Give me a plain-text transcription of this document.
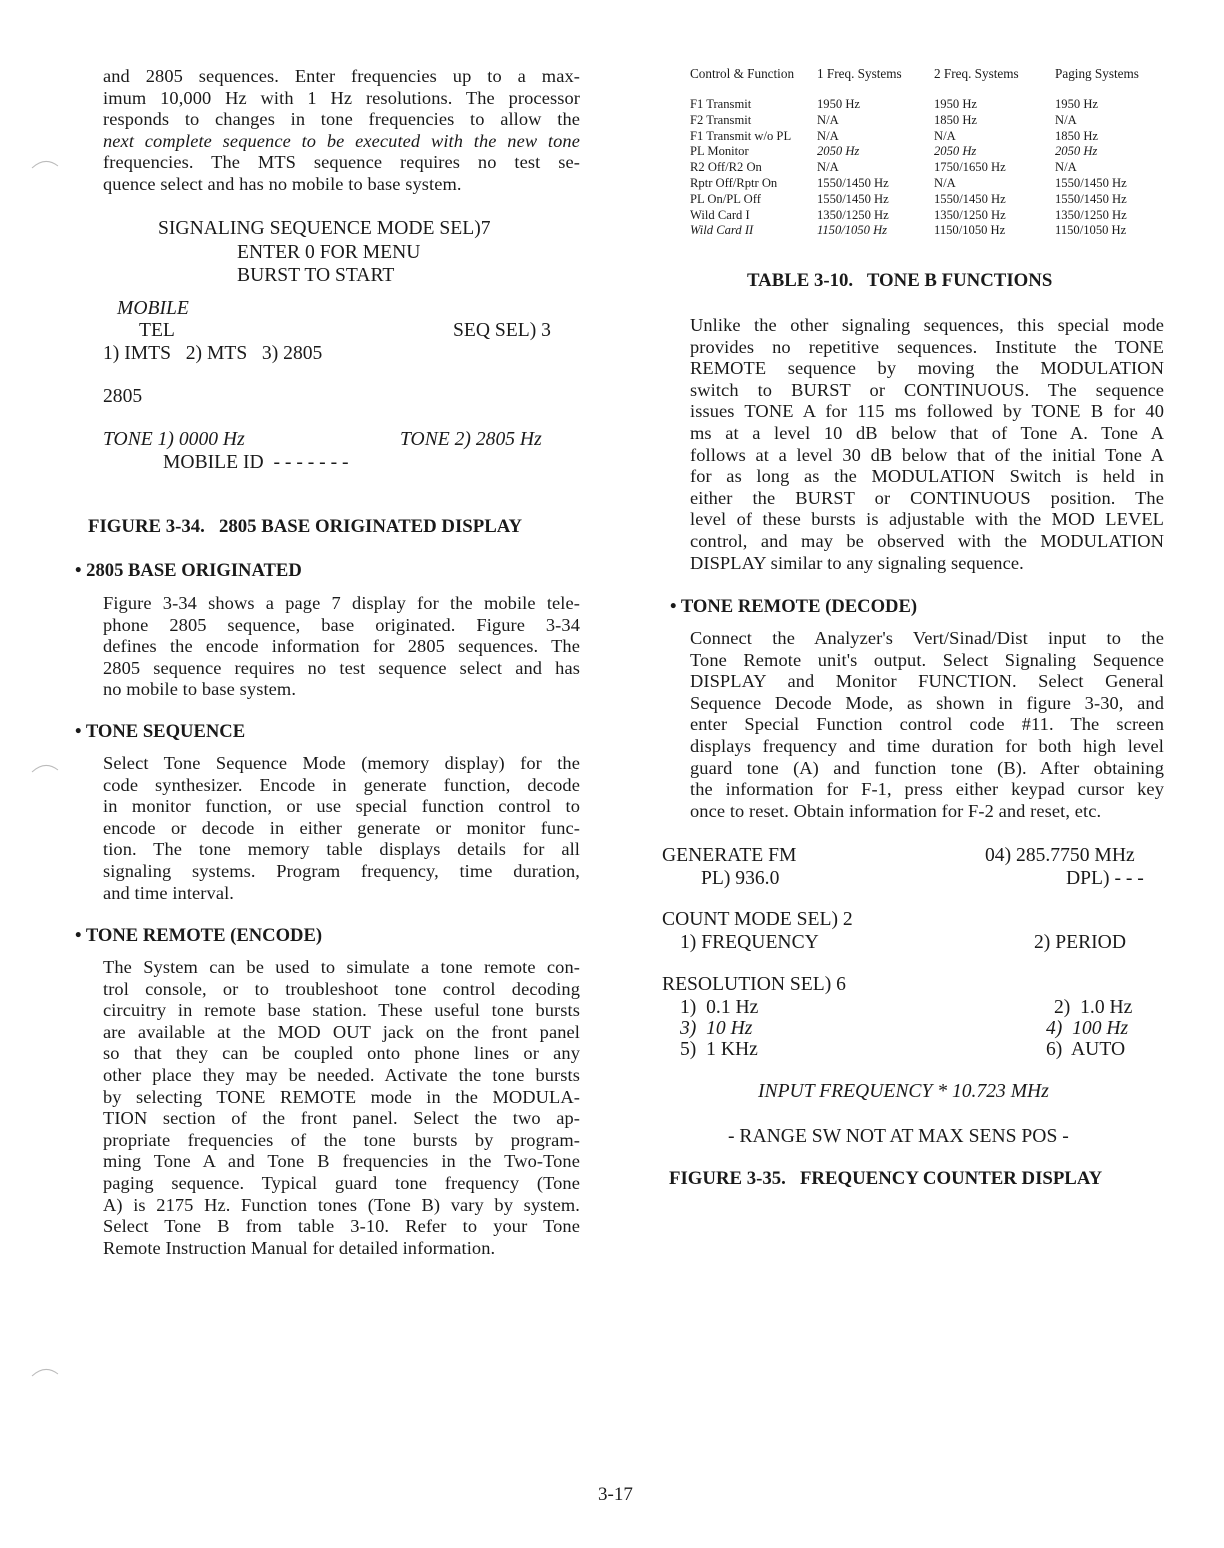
and 2805 sequences. Enter frequencies up to a max-
imum 10,000 Hz with 1 Hz resolutions. The processor
responds to changes in tone frequencies to allow the
next complete sequence to be executed with the new tone
frequencies. The MTS sequence requires no test se-
quence select and has no mobile to base system.
SIGNALING SEQUENCE MODE SEL)7
ENTER 0 FOR MENU
BURST TO START
MOBILE
TEL	SEQ SEL) 3
1) IMTS   2) MTS   3) 2805
2805
TONE 1) 0000 Hz	TONE 2) 2805 Hz
MOBILE ID  - - - - - - -
FIGURE 3-34.   2805 BASE ORIGINATED DISPLAY
• 2805 BASE ORIGINATED
Figure 3-34 shows a page 7 display for the mobile tele-
phone 2805 sequence, base originated. Figure 3-34
defines the encode information for 2805 sequences. The
2805 sequence requires no test sequence select and has
no mobile to base system.
• TONE SEQUENCE
Select Tone Sequence Mode (memory display) for the
code synthesizer. Encode in generate function, decode
in monitor function, or use special function control to
encode or decode in either generate or monitor func-
tion. The tone memory table displays details for all
signaling systems. Program frequency, time duration,
and time interval.
• TONE REMOTE (ENCODE)
The System can be used to simulate a tone remote con-
trol console, or to troubleshoot tone control decoding
circuitry in remote base station. These useful tone bursts
are available at the MOD OUT jack on the front panel
so that they can be coupled onto phone lines or any
other place they may be needed. Activate the tone bursts
by selecting TONE REMOTE mode in the MODULA-
TION section of the front panel. Select the two ap-
propriate frequencies of the tone bursts by program-
ming Tone A and Tone B frequencies in the Two-Tone
paging sequence. Typical guard tone frequency (Tone
A) is 2175 Hz. Function tones (Tone B) vary by system.
Select Tone B from table 3-10. Refer to your Tone
Remote Instruction Manual for detailed information.
Control & Function	1 Freq. Systems	2 Freq. Systems	Paging Systems
F1 Transmit	1950 Hz	1950 Hz	1950 Hz
F2 Transmit	N/A	1850 Hz	N/A
F1 Transmit w/o PL	N/A	N/A	1850 Hz
PL Monitor	2050 Hz	2050 Hz	2050 Hz
R2 Off/R2 On	N/A	1750/1650 Hz	N/A
Rptr Off/Rptr On	1550/1450 Hz	N/A	1550/1450 Hz
PL On/PL Off	1550/1450 Hz	1550/1450 Hz	1550/1450 Hz
Wild Card I	1350/1250 Hz	1350/1250 Hz	1350/1250 Hz
Wild Card II	1150/1050 Hz	1150/1050 Hz	1150/1050 Hz
TABLE 3-10.   TONE B FUNCTIONS
Unlike the other signaling sequences, this special mode
provides no repetitive sequences. Institute the TONE
REMOTE sequence by moving the MODULATION
switch to BURST or CONTINUOUS. The sequence
issues TONE A for 115 ms followed by TONE B for 40
ms at a level 10 dB below that of Tone A. Tone A
follows at a level 30 dB below that of the initial Tone A
for as long as the MODULATION Switch is held in
either the BURST or CONTINUOUS position. The
level of these bursts is adjustable with the MOD LEVEL
control, and may be observed with the MODULATION
DISPLAY similar to any signaling sequence.
• TONE REMOTE (DECODE)
Connect the Analyzer's Vert/Sinad/Dist input to the
Tone Remote unit's output. Select Signaling Sequence
DISPLAY and Monitor FUNCTION. Select General
Sequence Decode Mode, as shown in figure 3-30, and
enter Special Function control code #11. The screen
displays frequency and time duration for both high level
guard tone (A) and function tone (B). After obtaining
the information for F-1, press either keypad cursor key
once to reset. Obtain information for F-2 and reset, etc.
GENERATE FM	04) 285.7750 MHz
PL) 936.0	DPL) - - -
COUNT MODE SEL) 2
1) FREQUENCY	2) PERIOD
RESOLUTION SEL) 6
1)  0.1 Hz	2)  1.0 Hz
3)  10 Hz	4)  100 Hz
5)  1 KHz	6)  AUTO
INPUT FREQUENCY * 10.723 MHz
- RANGE SW NOT AT MAX SENS POS -
FIGURE 3-35.   FREQUENCY COUNTER DISPLAY
3-17
